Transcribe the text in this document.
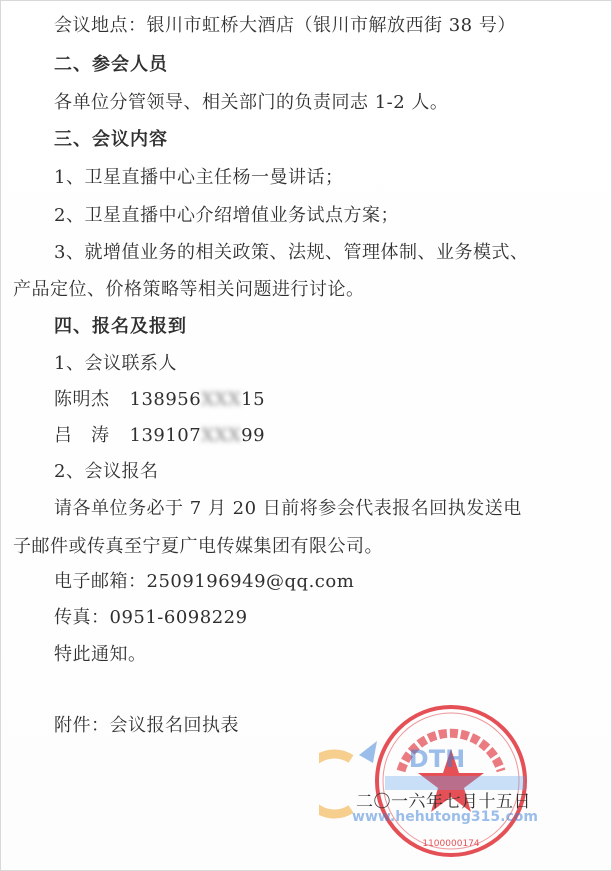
会议地点：银川市虹桥大酒店（银川市解放西街 38 号）
二、参会人员
各单位分管领导、相关部门的负责同志 1-2 人。
三、会议内容
1、卫星直播中心主任杨一曼讲话；
2、卫星直播中心介绍增值业务试点方案；
3、就增值业务的相关政策、法规、管理体制、业务模式、
产品定位、价格策略等相关问题进行讨论。
四、报名及报到
1、会议联系人
陈明杰 138956XXX15
吕　涛 139107XXX99
2、会议报名
请各单位务必于 7 月 20 日前将参会代表报名回执发送电
子邮件或传真至宁夏广电传媒集团有限公司。
电子邮箱：2509196949@qq.com
传真：0951-6098229
特此通知。
附件：会议报名回执表
1100000174
二〇一六年七月十五日
DTH
www.hehutong315.com
